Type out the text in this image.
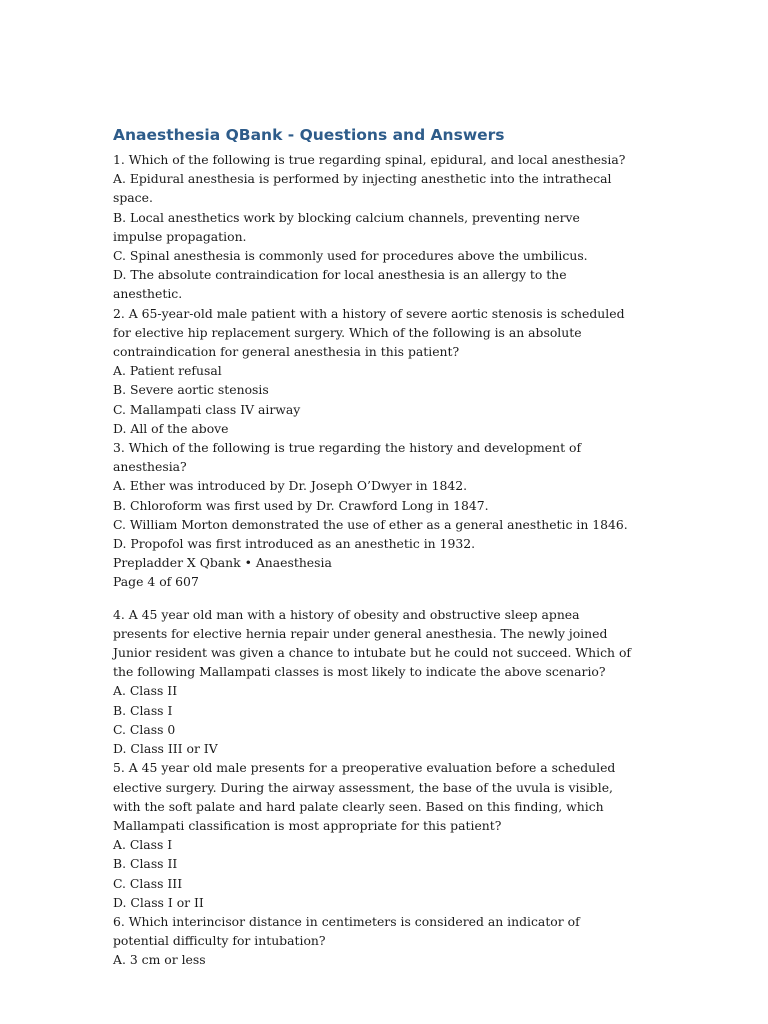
Anaesthesia QBank - Questions and Answers

1. Which of the following is true regarding spinal, epidural, and local anesthesia?

A. Epidural anesthesia is performed by injecting anesthetic into the intrathecal space.

B. Local anesthetics work by blocking calcium channels, preventing nerve impulse propagation.

C. Spinal anesthesia is commonly used for procedures above the umbilicus.

D. The absolute contraindication for local anesthesia is an allergy to the anesthetic.

2. A 65-year-old male patient with a history of severe aortic stenosis is scheduled for elective hip replacement surgery. Which of the following is an absolute contraindication for general anesthesia in this patient?

A. Patient refusal

B. Severe aortic stenosis

C. Mallampati class IV airway

D. All of the above

3. Which of the following is true regarding the history and development of anesthesia?

A. Ether was introduced by Dr. Joseph O’Dwyer in 1842.

B. Chloroform was first used by Dr. Crawford Long in 1847.

C. William Morton demonstrated the use of ether as a general anesthetic in 1846.

D. Propofol was first introduced as an anesthetic in 1932.

Prepladder X Qbank • Anaesthesia

Page 4 of 607

4. A 45 year old man with a history of obesity and obstructive sleep apnea presents for elective hernia repair under general anesthesia. The newly joined Junior resident was given a chance to intubate but he could not succeed. Which of the following Mallampati classes is most likely to indicate the above scenario?

A. Class II

B. Class I

C. Class 0

D. Class III or IV

5. A 45 year old male presents for a preoperative evaluation before a scheduled elective surgery. During the airway assessment, the base of the uvula is visible, with the soft palate and hard palate clearly seen. Based on this finding, which Mallampati classification is most appropriate for this patient?

A. Class I

B. Class II

C. Class III

D. Class I or II

6. Which interincisor distance in centimeters is considered an indicator of potential difficulty for intubation?

A. 3 cm or less
